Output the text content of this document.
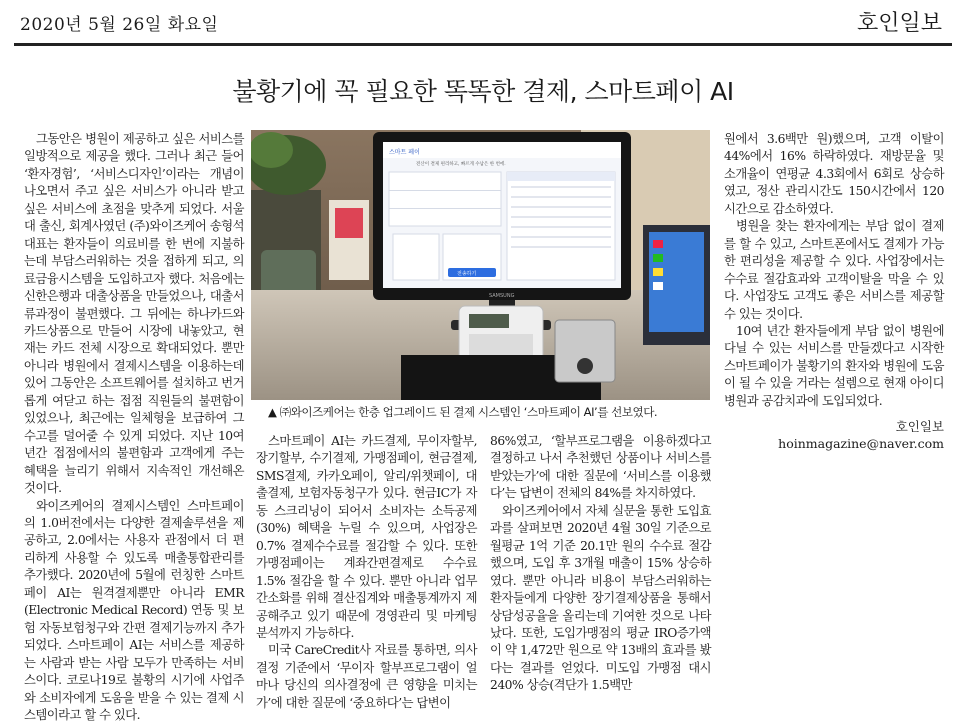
2020년 5월 26일 화요일	호인일보
불황기에 꼭 필요한 똑똑한 결제, 스마트페이 AI

그동안은 병원이 제공하고 싶은 서비스를 일방적으로 제공을 했다. 그러나 최근 들어 ‘환자경험’, ‘서비스디자인’이라는 개념이 나오면서 주고 싶은 서비스가 아니라 받고 싶은 서비스에 초점을 맞추게 되었다. 서울대 출신, 회계사였던 (주)와이즈케어 송형석 대표는 환자들이 의료비를 한 번에 지불하는데 부담스러워하는 것을 접하게 되고, 의료금융시스템을 도입하고자 했다. 처음에는 신한은행과 대출상품을 만들었으나, 대출서류과정이 불편했다. 그 뒤에는 하나카드와 카드상품으로 만들어 시장에 내놓았고, 현재는 카드 전체 시장으로 확대되었다. 뿐만 아니라 병원에서 결제시스템을 이용하는데 있어 그동안은 소프트웨어를 설치하고 번거롭게 여닫고 하는 접점 직원들의 불편함이 있었으나, 최근에는 일체형을 보급하여 그 수고를 덜어줄 수 있게 되었다. 지난 10여 년간 접점에서의 불편함과 고객에게 주는 혜택을 늘리기 위해서 지속적인 개선해온 것이다.

와이즈케어의 결제시스템인 스마트페이의 1.0버전에서는 다양한 결제솔루션을 제공하고, 2.0에서는 사용자 관점에서 더 편리하게 사용할 수 있도록 매출통합관리를 추가했다. 2020년에 5월에 런칭한 스마트페이 AI는 원격결제뿐만 아니라 EMR (Electronic Medical Record) 연동 및 보험 자동보험청구와 간편 결제기능까지 추가되었다. 스마트페이 AI는 서비스를 제공하는 사람과 받는 사람 모두가 만족하는 서비스이다. 코로나19로 불황의 시기에 사업주와 소비자에게 도움을 받을 수 있는 결제 시스템이라고 할 수 있다.

스마트 페이
전산이 결제 편리하고, 빠르게 수납은 한 번에.
전송하기
SAMSUNG
▲ ㈜와이즈케어는 한층 업그레이드 된 결제 시스템인 ‘스마트페이 AI’를 선보였다.

스마트페이 AI는 카드결제, 무이자할부, 장기할부, 수기결제, 가맹점페이, 현금결제, SMS결제, 카카오페이, 알리/위챗페이, 대출결제, 보험자동청구가 있다. 현금IC가 자동 스크리닝이 되어서 소비자는 소득공제(30%) 혜택을 누릴 수 있으며, 사업장은 0.7% 결제수수료를 절감할 수 있다. 또한 가맹점페이는 계좌간편결제로 수수료 1.5% 절감을 할 수 있다. 뿐만 아니라 업무간소화를 위해 결산집계와 매출통계까지 제공해주고 있기 때문에 경영관리 및 마케팅 분석까지 가능하다.

미국 CareCredit사 자료를 통하면, 의사결정 기준에서 ‘무이자 할부프로그램이 얼마나 당신의 의사결정에 큰 영향을 미치는가’에 대한 질문에 ‘중요하다’는 답변이

86%였고, ‘할부프로그램을 이용하겠다고 결정하고 나서 추천했던 상품이나 서비스를 받았는가’에 대한 질문에 ‘서비스를 이용했다’는 답변이 전체의 84%를 차지하였다.

와이즈케어에서 자체 실문을 통한 도입효과를 살펴보면 2020년 4월 30일 기준으로 월평균 1억 기준 20.1만 원의 수수료 절감했으며, 도입 후 3개월 매출이 15% 상승하였다. 뿐만 아니라 비용이 부담스러워하는 환자들에게 다양한 장기결제상품을 통해서 상담성공율을 올리는데 기여한 것으로 나타났다. 또한, 도입가맹점의 평균 IRO증가액이 약 1,472만 원으로 약 13배의 효과를 봤다는 결과를 얻었다. 미도입 가맹점 대시 240% 상승(격단가 1.5백만

원에서 3.6백만 원)했으며, 고객 이탈이 44%에서 16% 하락하였다. 재방문율 및 소개율이 연평균 4.3회에서 6회로 상승하였고, 정산 관리시간도 150시간에서 120시간으로 감소하였다.

병원을 찾는 환자에게는 부담 없이 결제를 할 수 있고, 스마트폰에서도 결제가 가능한 편리성을 제공할 수 있다. 사업장에서는 수수료 절감효과와 고객이탈을 막을 수 있다. 사업장도 고객도 좋은 서비스를 제공할 수 있는 것이다.

10여 년간 환자들에게 부담 없이 병원에 다닐 수 있는 서비스를 만들겠다고 시작한 스마트페이가 불황기의 환자와 병원에 도움이 될 수 있을 거라는 설렘으로 현재 아이디병원과 공감치과에 도입되었다.

호인일보
hoinmagazine@naver.com
